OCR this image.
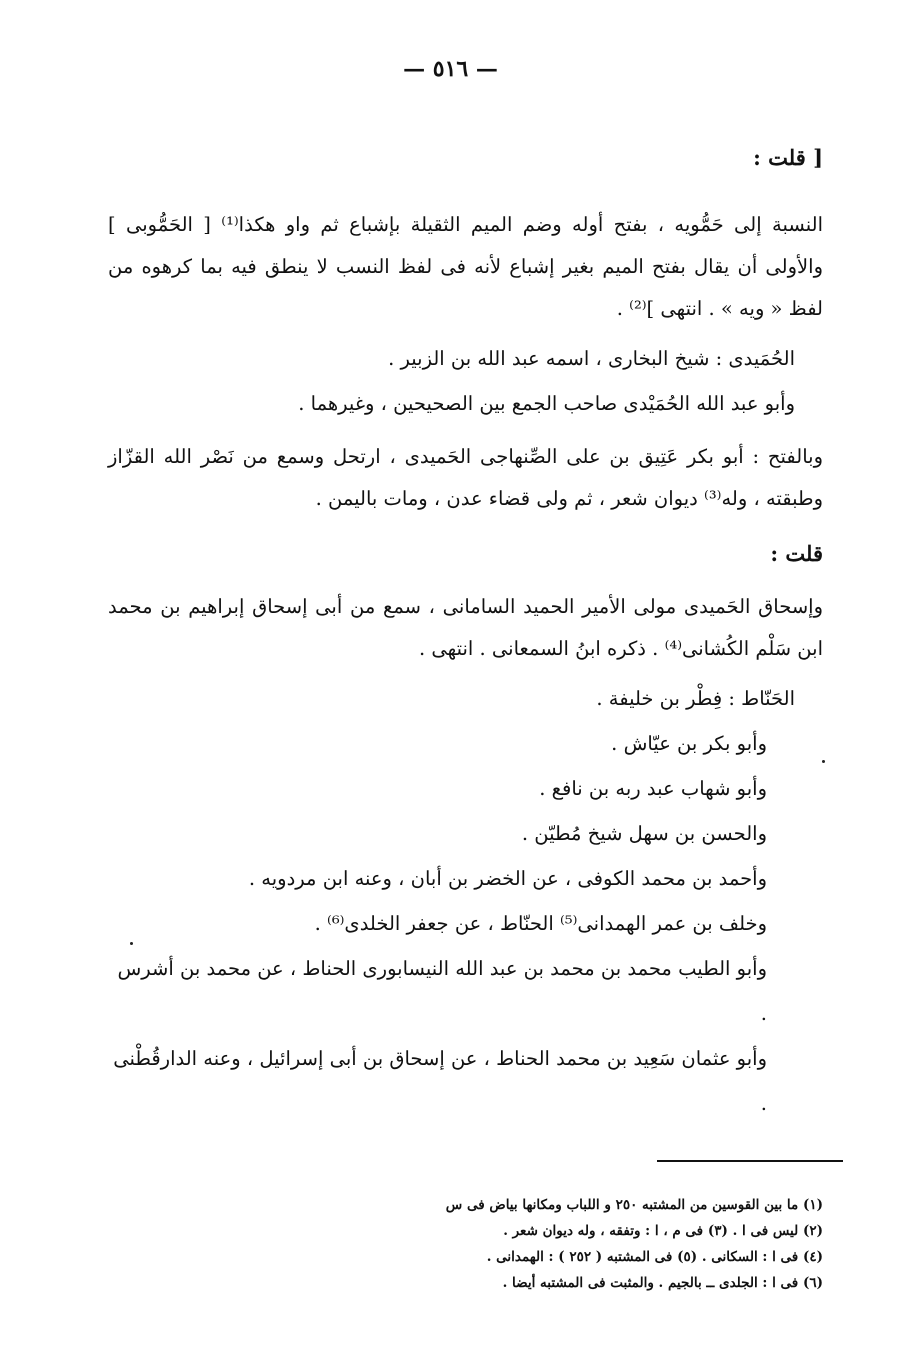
— ٥١٦ —

[ قلت :

النسبة إلى حَمُّويه ، بفتح أوله وضم الميم الثقيلة بإشباع ثم واو هكذا⁽¹⁾ [ الحَمُّوبى ] والأولى أن يقال بفتح الميم بغير إشباع لأنه فى لفظ النسب لا ينطق فيه بما كرهوه من لفظ « ويه » . انتهى ]⁽²⁾ .

الحُمَيدى : شيخ البخارى ، اسمه عبد الله بن الزبير .

وأبو عبد الله الحُمَيْدى صاحب الجمع بين الصحيحين ، وغيرهما .

وبالفتح : أبو بكر عَتِيق بن على الصِّنهاجى الحَميدى ، ارتحل وسمع من نَصْر الله القزّاز وطبقته ، وله⁽³⁾ ديوان شعر ، ثم ولى قضاء عدن ، ومات باليمن .

قلت :

وإسحاق الحَميدى مولى الأمير الحميد السامانى ، سمع من أبى إسحاق إبراهيم بن محمد ابن سَلْم الكُشانى⁽⁴⁾ . ذكره ابنُ السمعانى . انتهى .

الحَنّاط : فِطْر بن خليفة .

وأبو بكر بن عيّاش .

وأبو شهاب عبد ربه بن نافع .

والحسن بن سهل شيخ مُطيّن .

وأحمد بن محمد الكوفى ، عن الخضر بن أبان ، وعنه ابن مردويه .

وخلف بن عمر الهمدانى⁽⁵⁾ الحنّاط ، عن جعفر الخلدى⁽⁶⁾ .

وأبو الطيب محمد بن محمد بن عبد الله النيسابورى الحناط ، عن محمد بن أشرس .

وأبو عثمان سَعِيد بن محمد الحناط ، عن إسحاق بن أبى إسرائيل ، وعنه الدارقُطْنى .

(١) ما بين القوسين من المشتبه ٢٥٠ و اللباب ومكانها بياض فى س

(٢) ليس فى ا . (٣) فى م ، ا : وتفقه ، وله ديوان شعر .

(٤) فى ا : السكانى . (٥) فى المشتبه ( ٢٥٢ ) : الهمدانى .

(٦) فى ا : الجلدى ــ بالجيم . والمثبت فى المشتبه أيضا .
